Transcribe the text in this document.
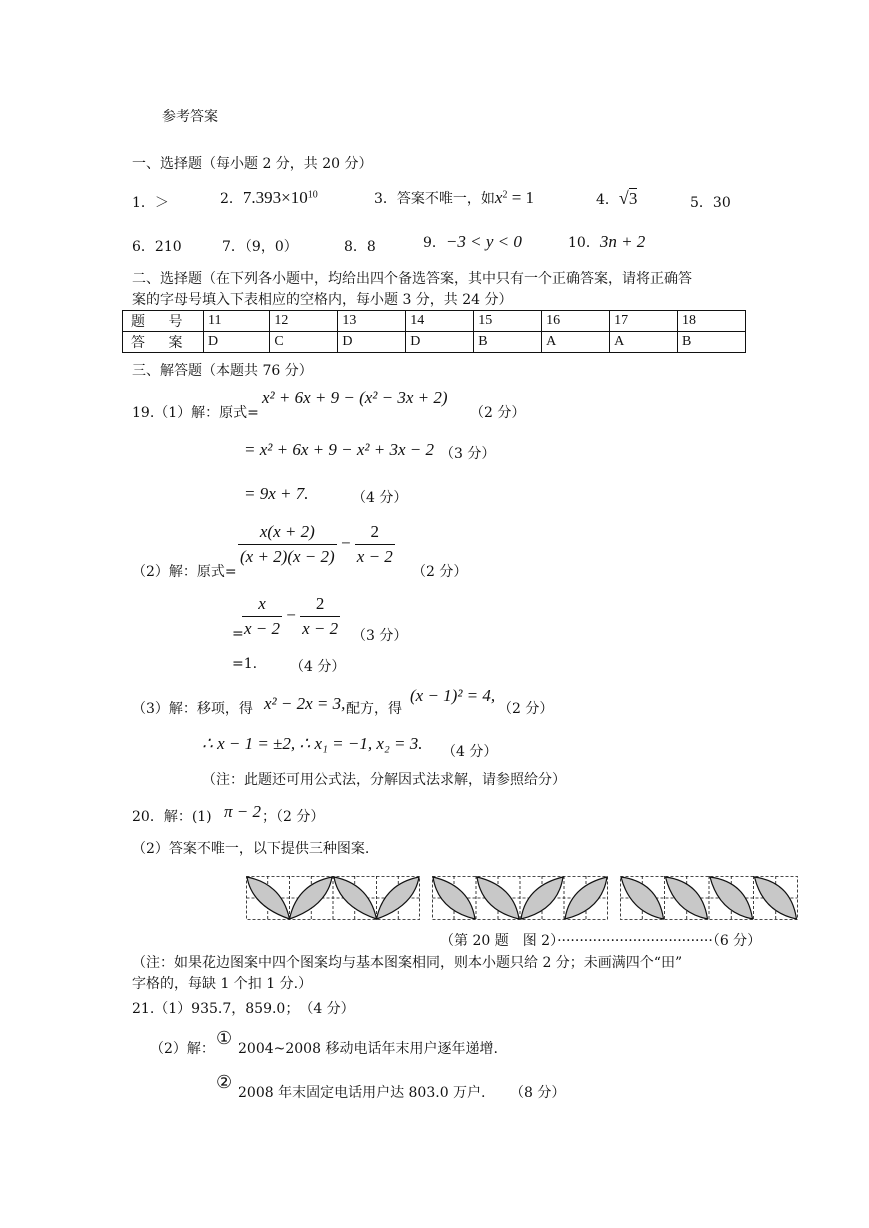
参考答案
一、选择题（每小题 2 分，共 20 分）
1．＞	2．$7.393\times 10^{10}$	3．答案不唯一，如$x^2 = 1$	4．√3	5．30
6．210	7．（9，0）	8．8	9．−3 < y < 0	10．3n + 2
二、选择题（在下列各小题中，均给出四个备选答案，其中只有一个正确答案，请将正确答
案的字母号填入下表相应的空格内，每小题 3 分，共 24 分）
题 号	11	12	13	14	15	16	17	18
答 案	D	C	D	D	B	A	A	B
三、解答题（本题共 76 分）
19.（1）解：原式=
x² + 6x + 9 − (x² − 3x + 2)
（2 分）
= x² + 6x + 9 − x² + 3x − 2 （3 分）
= 9x + 7.	（4 分）
（2）解：原式=
$\frac{x(x + 2)}{(x + 2)(x - 2)} - \frac{2}{x - 2}$
（2 分）
=
$\frac{x}{x - 2} - \frac{2}{x - 2} (3$ 分）
=1. （4 分）
（3）解：移项，得 x² − 2x = 3, 配方，得
(x − 1)² = 4,
（2 分）
∴ x − 1 = ±2, ∴ x₁ = −1, x₂ = 3. （4 分）
（注：此题还可用公式法，分解因式法求解，请参照给分）
20．解：(1) π − 2 ；（2 分）
（2）答案不唯一，以下提供三种图案.
（第 20 题　图 2）···································（6 分）
（注：如果花边图案中四个图案均与基本图案相同，则本小题只给 2 分；未画满四个“田”
字格的，每缺 1 个扣 1 分.）
21.（1）935.7，859.0；　（4 分）
（2）解： ① 2004~2008 移动电话年末用户逐年递增.
② 2008 年末固定电话用户达 803.0 万户. （8 分）
